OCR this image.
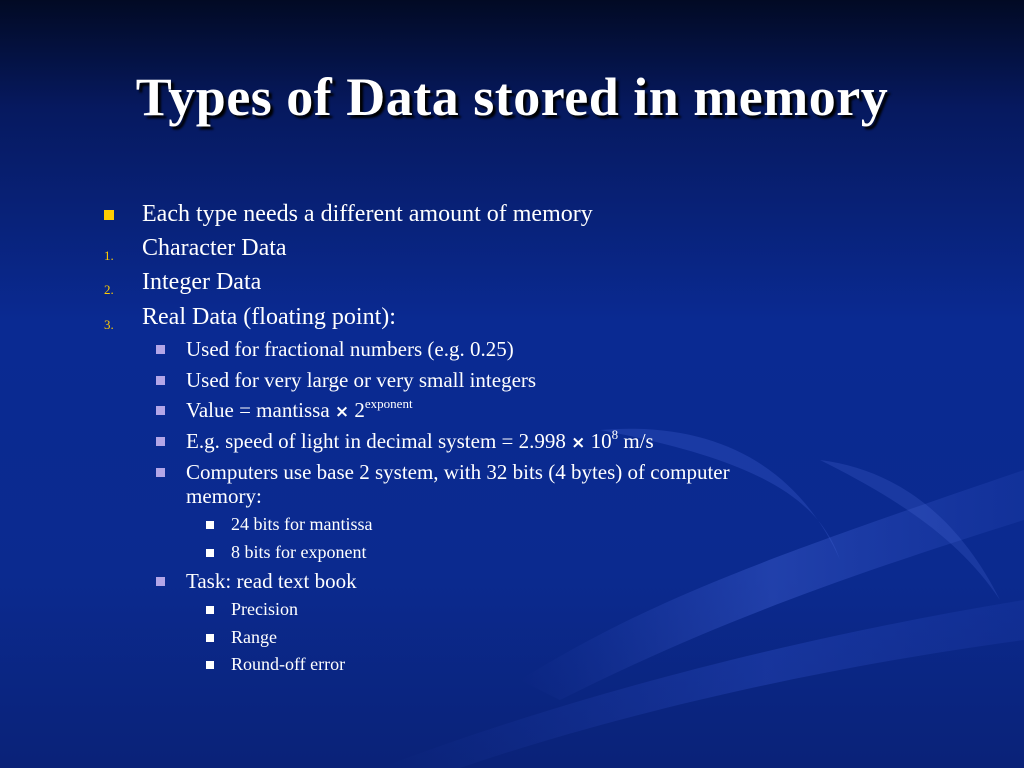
Types of Data stored in memory
Each type needs a different amount of memory
1. Character Data
2. Integer Data
3. Real Data (floating point):
Used for fractional numbers (e.g. 0.25)
Used for very large or very small integers
Value = mantissa × $2^{exponent}$
E.g. speed of light in decimal system = $2.998 \times 10^8$ m/s
Computers use base 2 system, with 32 bits (4 bytes) of computer
memory:
24 bits for mantissa
8 bits for exponent
Task: read text book
Precision
Range
Round-off error
